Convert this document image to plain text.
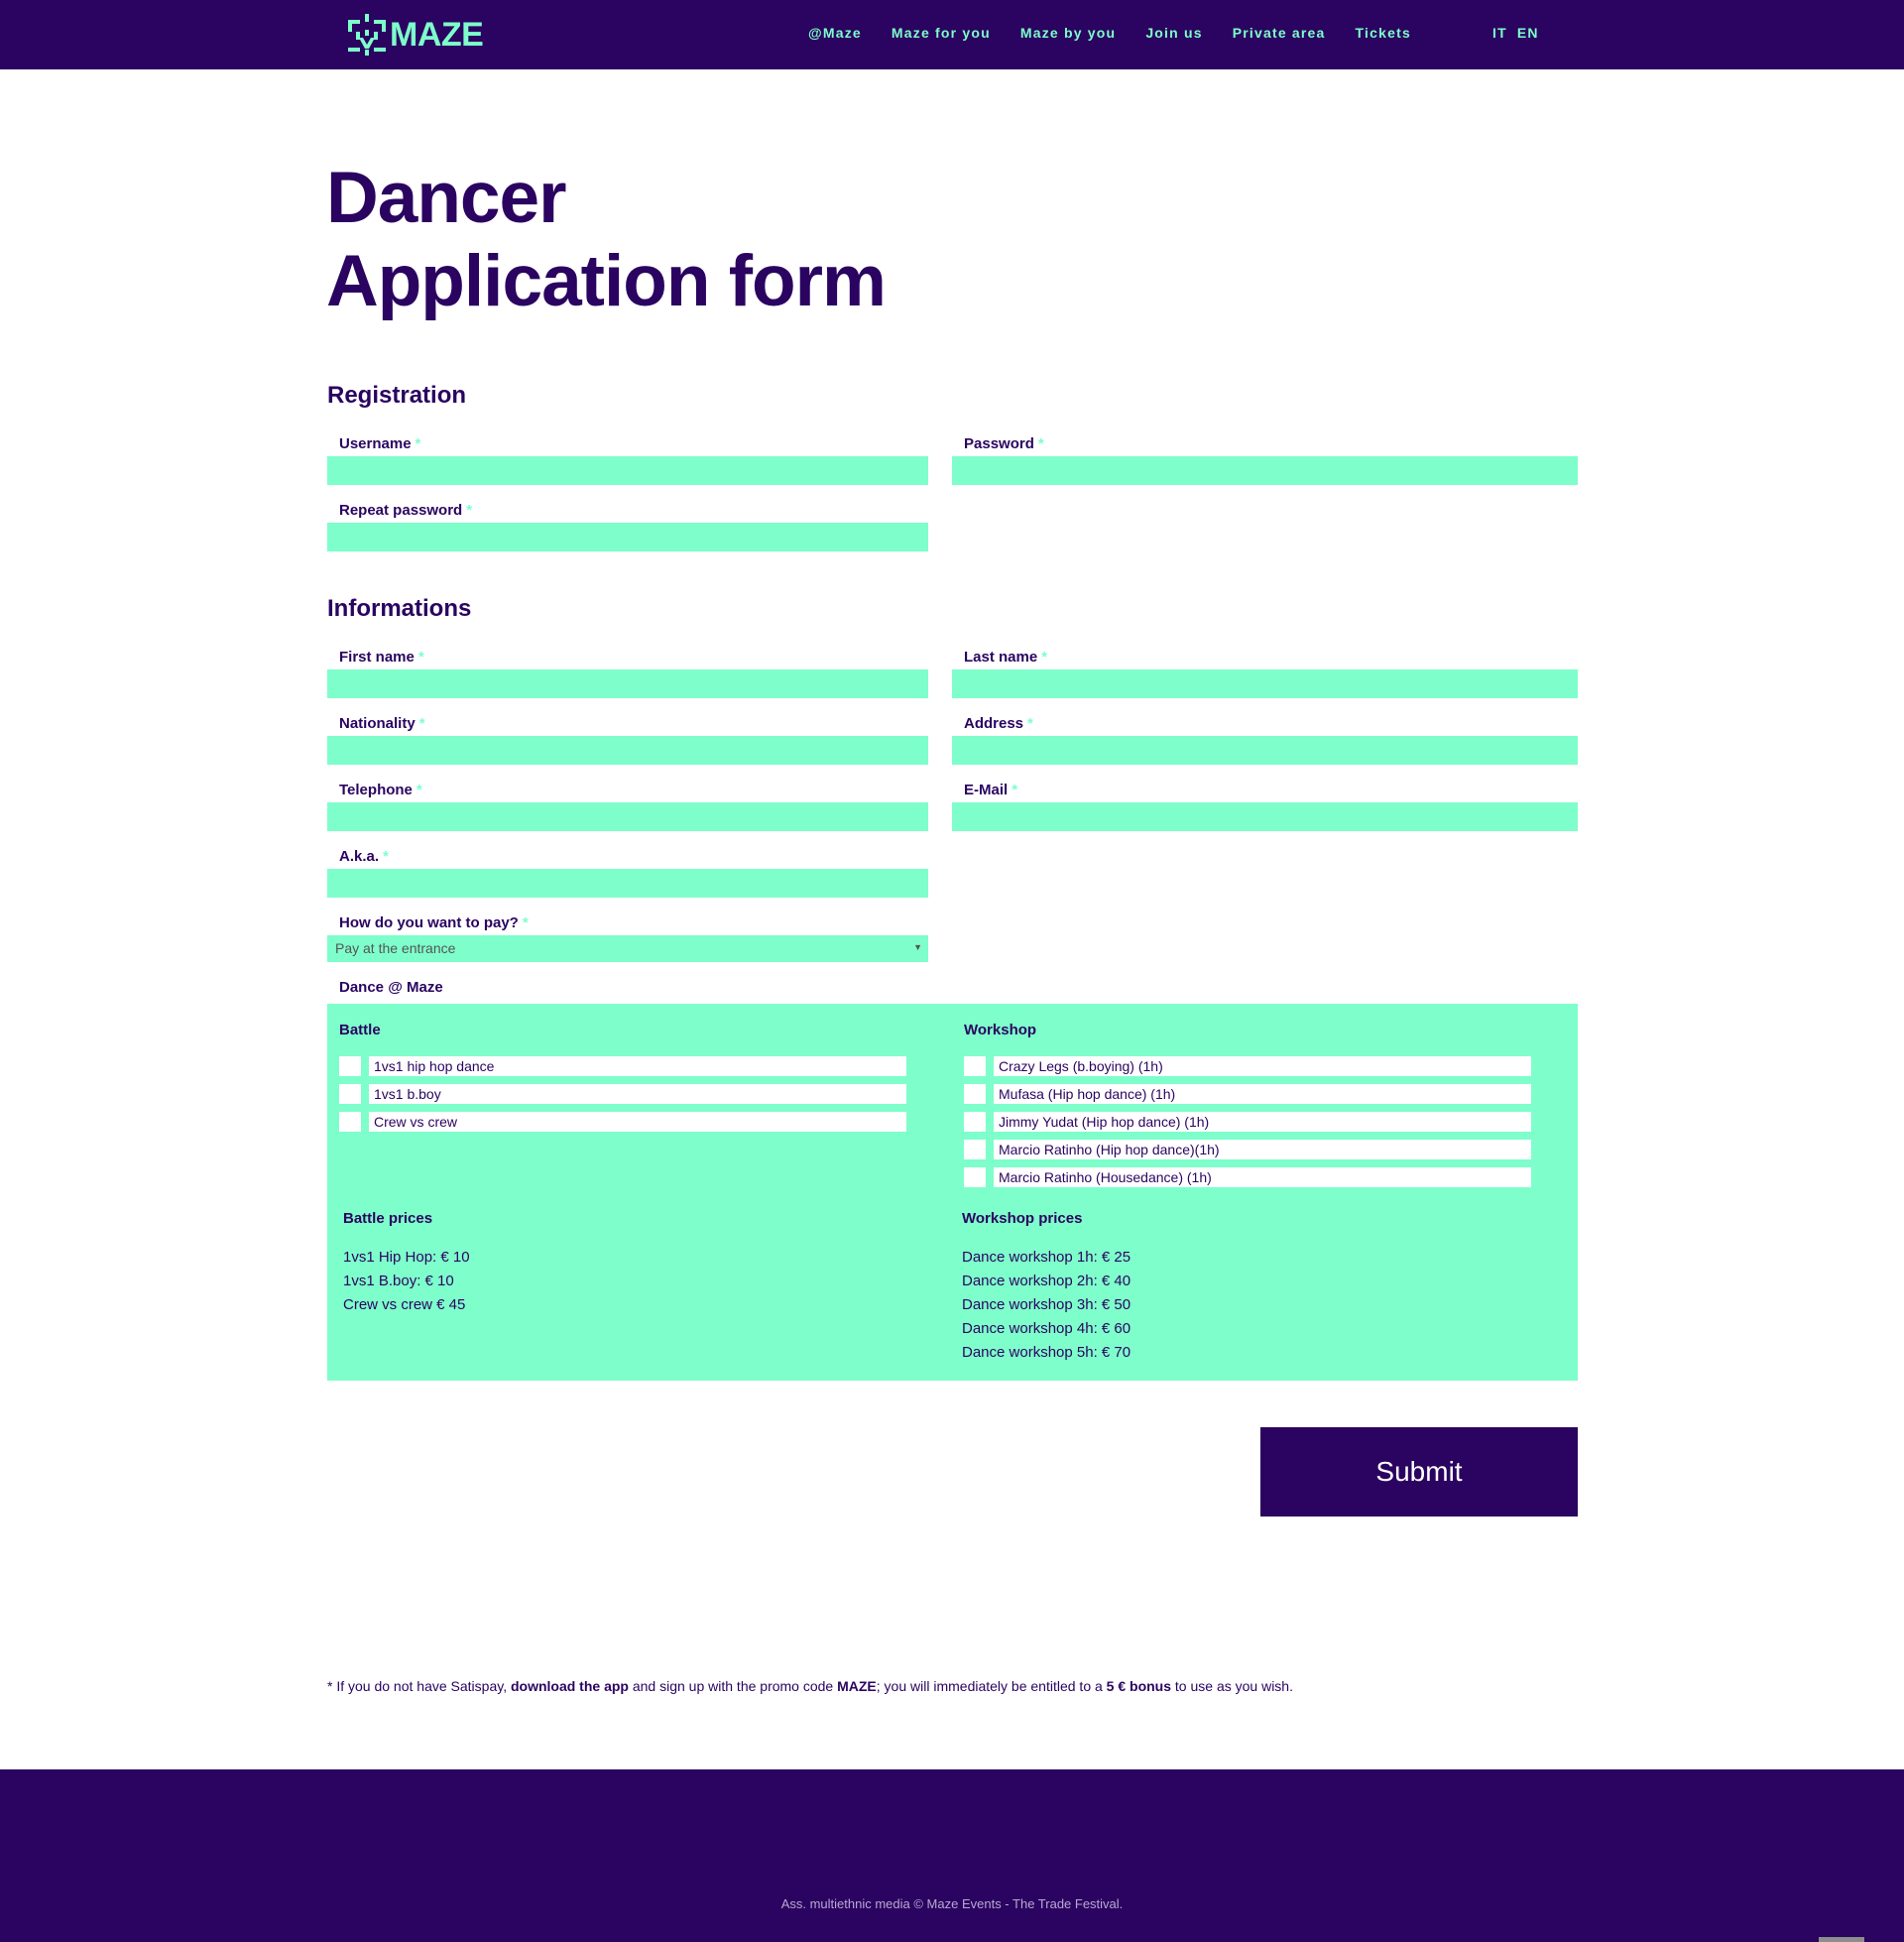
MAZE	@Maze Maze for you Maze by you Join us Private area Tickets	IT EN
Dancer
Application form
Registration
Username *	Password *
Repeat password *
Informations
First name *	Last name *
Nationality *	Address *
Telephone *	E-Mail *
A.k.a. *
How do you want to pay? *
Pay at the entrance	▼
Dance @ Maze
Battle
1vs1 hip hop dance
1vs1 b.boy
Crew vs crew
Workshop
Crazy Legs (b.boying) (1h)
Mufasa (Hip hop dance) (1h)
Jimmy Yudat (Hip hop dance) (1h)
Marcio Ratinho (Hip hop dance)(1h)
Marcio Ratinho (Housedance) (1h)
Battle prices
1vs1 Hip Hop: € 10
1vs1 B.boy: € 10
Crew vs crew € 45
Workshop prices
Dance workshop 1h: € 25
Dance workshop 2h: € 40
Dance workshop 3h: € 50
Dance workshop 4h: € 60
Dance workshop 5h: € 70
Submit

* If you do not have Satispay, download the app and sign up with the promo code MAZE; you will immediately be entitled to a 5 € bonus to use as you wish.

Ass. multiethnic media © Maze Events - The Trade Festival.
